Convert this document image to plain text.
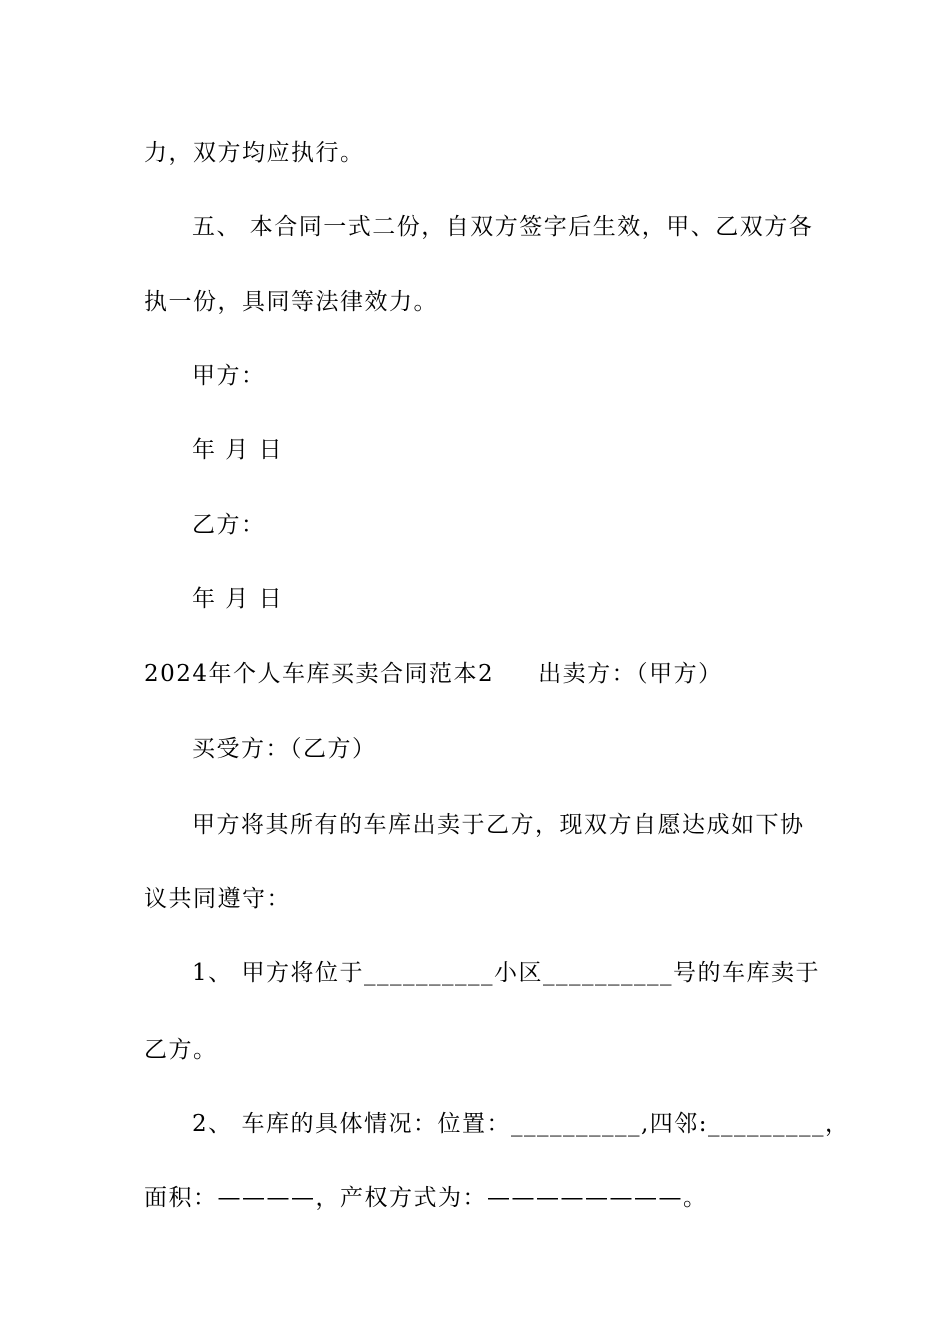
力，双方均应执行。
五、 本合同一式二份，自双方签字后生效，甲、乙双方各
执一份，具同等法律效力。
甲方：
年 月 日
乙方：
年 月 日
2024年个人车库买卖合同范本2 出卖方：（甲方）
买受方：（乙方）
甲方将其所有的车库出卖于乙方，现双方自愿达成如下协
议共同遵守：
1、 甲方将位于__________小区__________号的车库卖于
乙方。
2、 车库的具体情况：位置：__________,四邻:_________，
面积：————，产权方式为：————————。
